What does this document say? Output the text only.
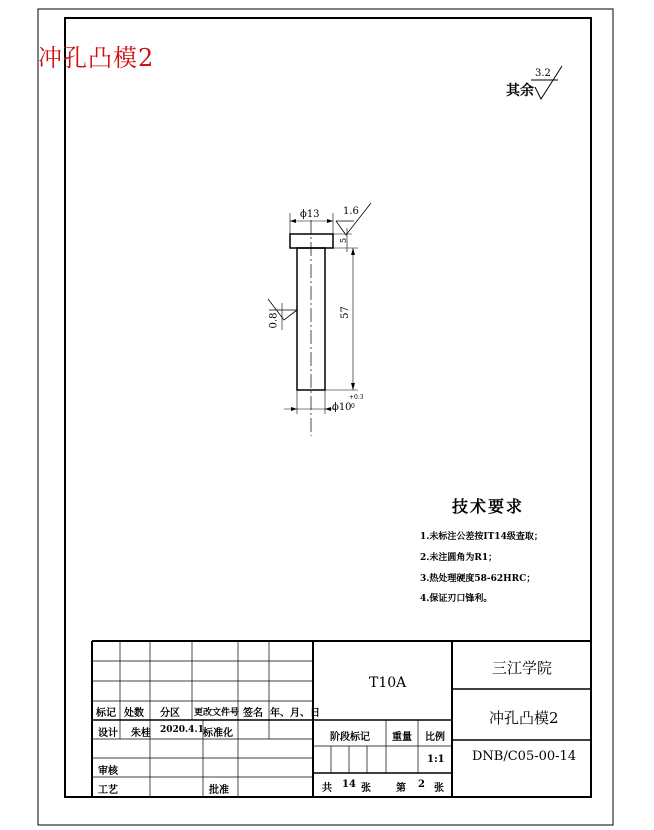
冲孔凸模2
其余
3.2
ϕ13 1.6
5
57
0.8
ϕ10
+0.3
0
技术要求
1.未标注公差按IT14级查取；
2.未注圆角为R1；
3.热处理硬度58-62HRC；
4.保证刃口锋利。
T10A
三江学院
冲孔凸模2
DNB/C05-00-14
标记 处数 分区 更改文件号 签名 年、月、日
设计 朱桂 2020.4.1 标准化
审核
工艺	批准
阶段标记 重量 比例
1:1
共 14 张	第 2 张
